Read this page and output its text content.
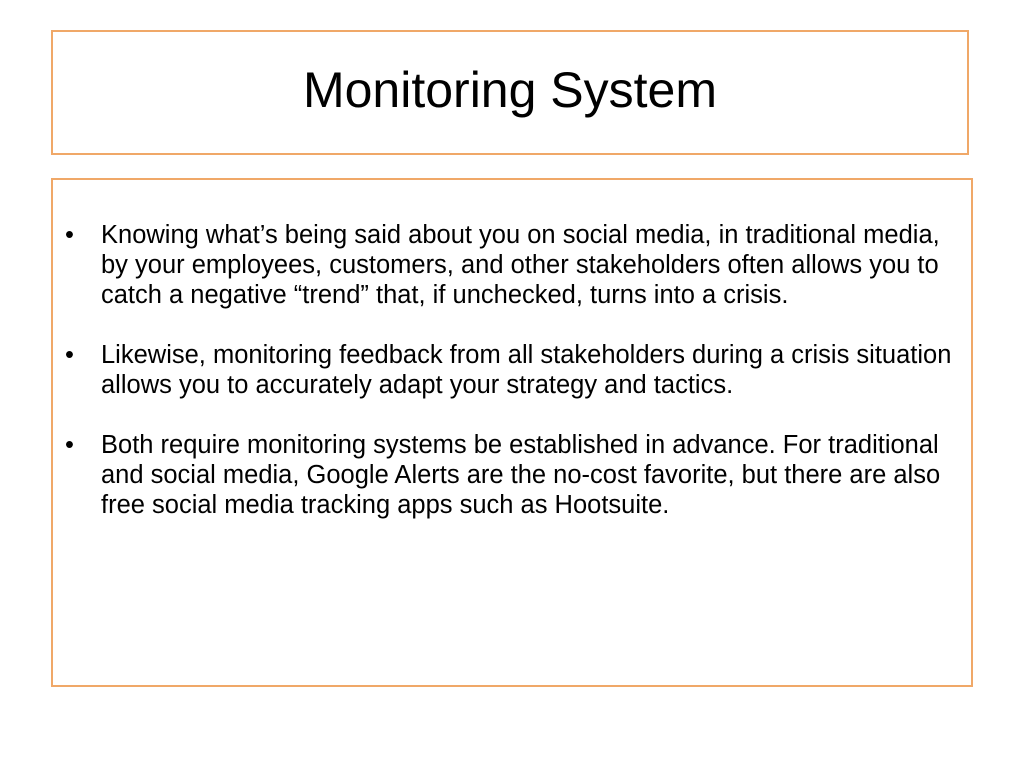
Monitoring System
• Knowing what’s being said about you on social media, in traditional media, by your employees, customers, and other stakeholders often allows you to catch a negative “trend” that, if unchecked, turns into a crisis.
• Likewise, monitoring feedback from all stakeholders during a crisis situation allows you to accurately adapt your strategy and tactics.
• Both require monitoring systems be established in advance. For traditional and social media, Google Alerts are the no-cost favorite, but there are also free social media tracking apps such as Hootsuite.
